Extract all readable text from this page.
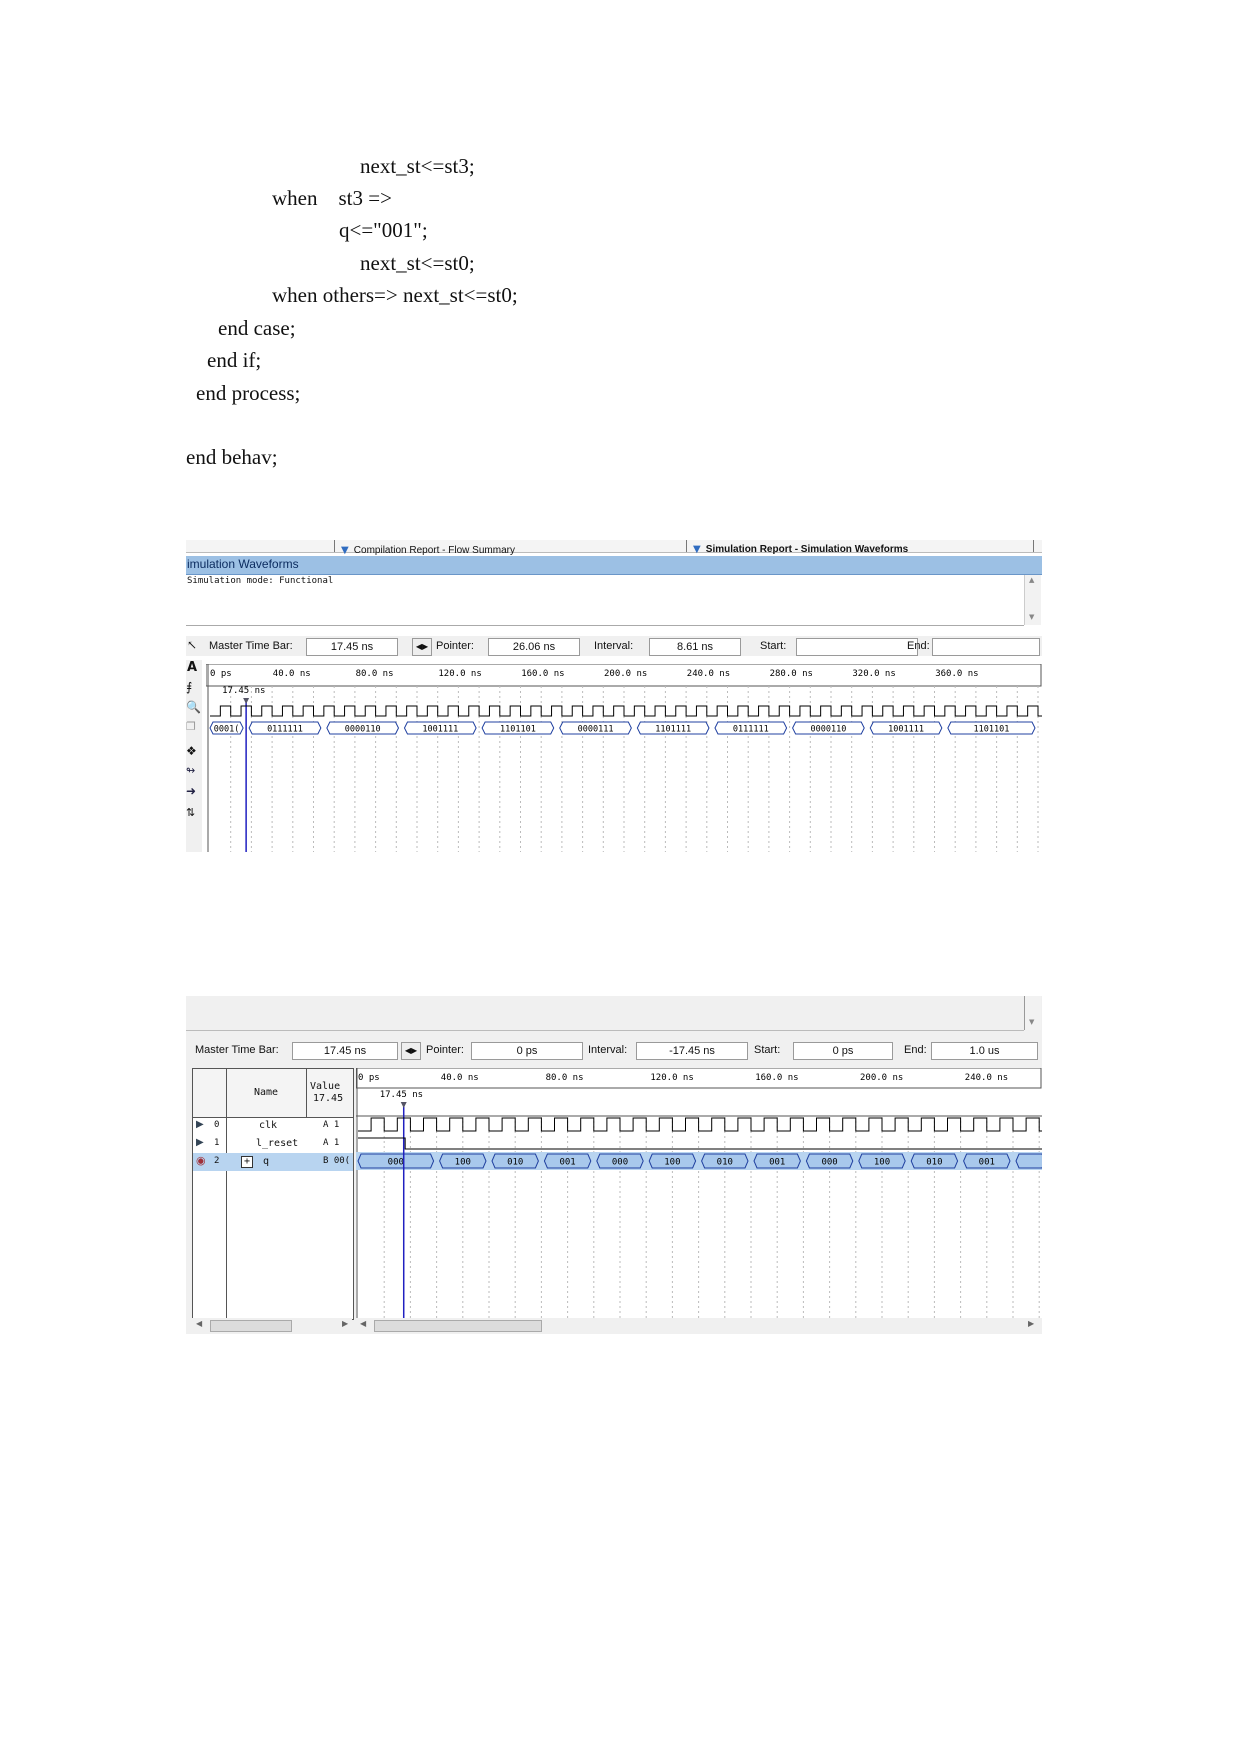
next_st<=st3;
when    st3 =>
q<="001";
next_st<=st0;
when others=> next_st<=st0;
end case;
end if;
end process;
end behav;
▼ Compilation Report - Flow Summary	▼ Simulation Report - Simulation Waveforms
imulation Waveforms
Simulation mode: Functional	▲
▼
↖ Master Time Bar:	17.45 ns	◀▶ Pointer:	26.06 ns	Interval:	8.61 ns	Start:	End:
A
⨎
🔍
❐
❖
↬
➜
⇅
0 ps	40.0 ns	80.0 ns	120.0 ns	160.0 ns	200.0 ns	240.0 ns	280.0 ns	320.0 ns	360.0 ns
17.45 ns
0001(	0111111	0000110	1001111	1101101	0000111	1101111	0111111	0000110	1001111	1101101
▼
Master Time Bar:	17.45 ns	◀▶ Pointer:	0 ps	Interval:	-17.45 ns	Start:	0 ps	End:	1.0 us
Name
Value
17.45
▶ 0	clk	A 1
▶ 1	l_reset	A 1
◉ 2 + q	B 00(
◀	▶ ◀	▶
0 ps	40.0 ns	80.0 ns	120.0 ns	160.0 ns	200.0 ns	240.0 ns
17.45 ns
000	100	010	001	000	100	010	001	000	100	010	001
